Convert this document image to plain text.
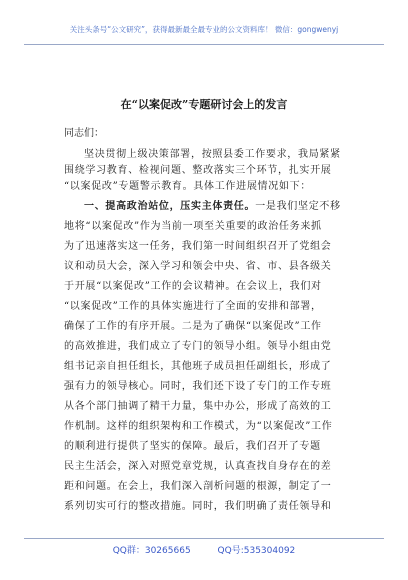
关注头条号“公文研究”，获得最新最全最专业的公文资料库！ 微信：gongwenyj
在“以案促改”专题研讨会上的发言
同志们：
坚决贯彻上级决策部署，按照县委工作要求，我局紧紧
围绕学习教育、检视问题、整改落实三个环节，扎实开展
“以案促改”专题警示教育。具体工作进展情况如下：
一、提高政治站位，压实主体责任。一是我们坚定不移
地将“以案促改”作为当前一项至关重要的政治任务来抓
为了迅速落实这一任务，我们第一时间组织召开了党组会
议和动员大会，深入学习和领会中央、省、市、县各级关
于开展“以案促改”工作的会议精神。在会议上，我们对
“以案促改”工作的具体实施进行了全面的安排和部署，
确保了工作的有序开展。二是为了确保“以案促改”工作
的高效推进，我们成立了专门的领导小组。领导小组由党
组书记亲自担任组长，其他班子成员担任副组长，形成了
强有力的领导核心。同时，我们还下设了专门的工作专班
从各个部门抽调了精干力量，集中办公，形成了高效的工
作机制。这样的组织架构和工作模式，为“以案促改”工作
的顺利进行提供了坚实的保障。最后，我们召开了专题
民主生活会，深入对照党章党规，认真查找自身存在的差
距和问题。在会上，我们深入剖析问题的根源，制定了一
系列切实可行的整改措施。同时，我们明确了责任领导和
QQ群：30265665	QQ号:535304092
